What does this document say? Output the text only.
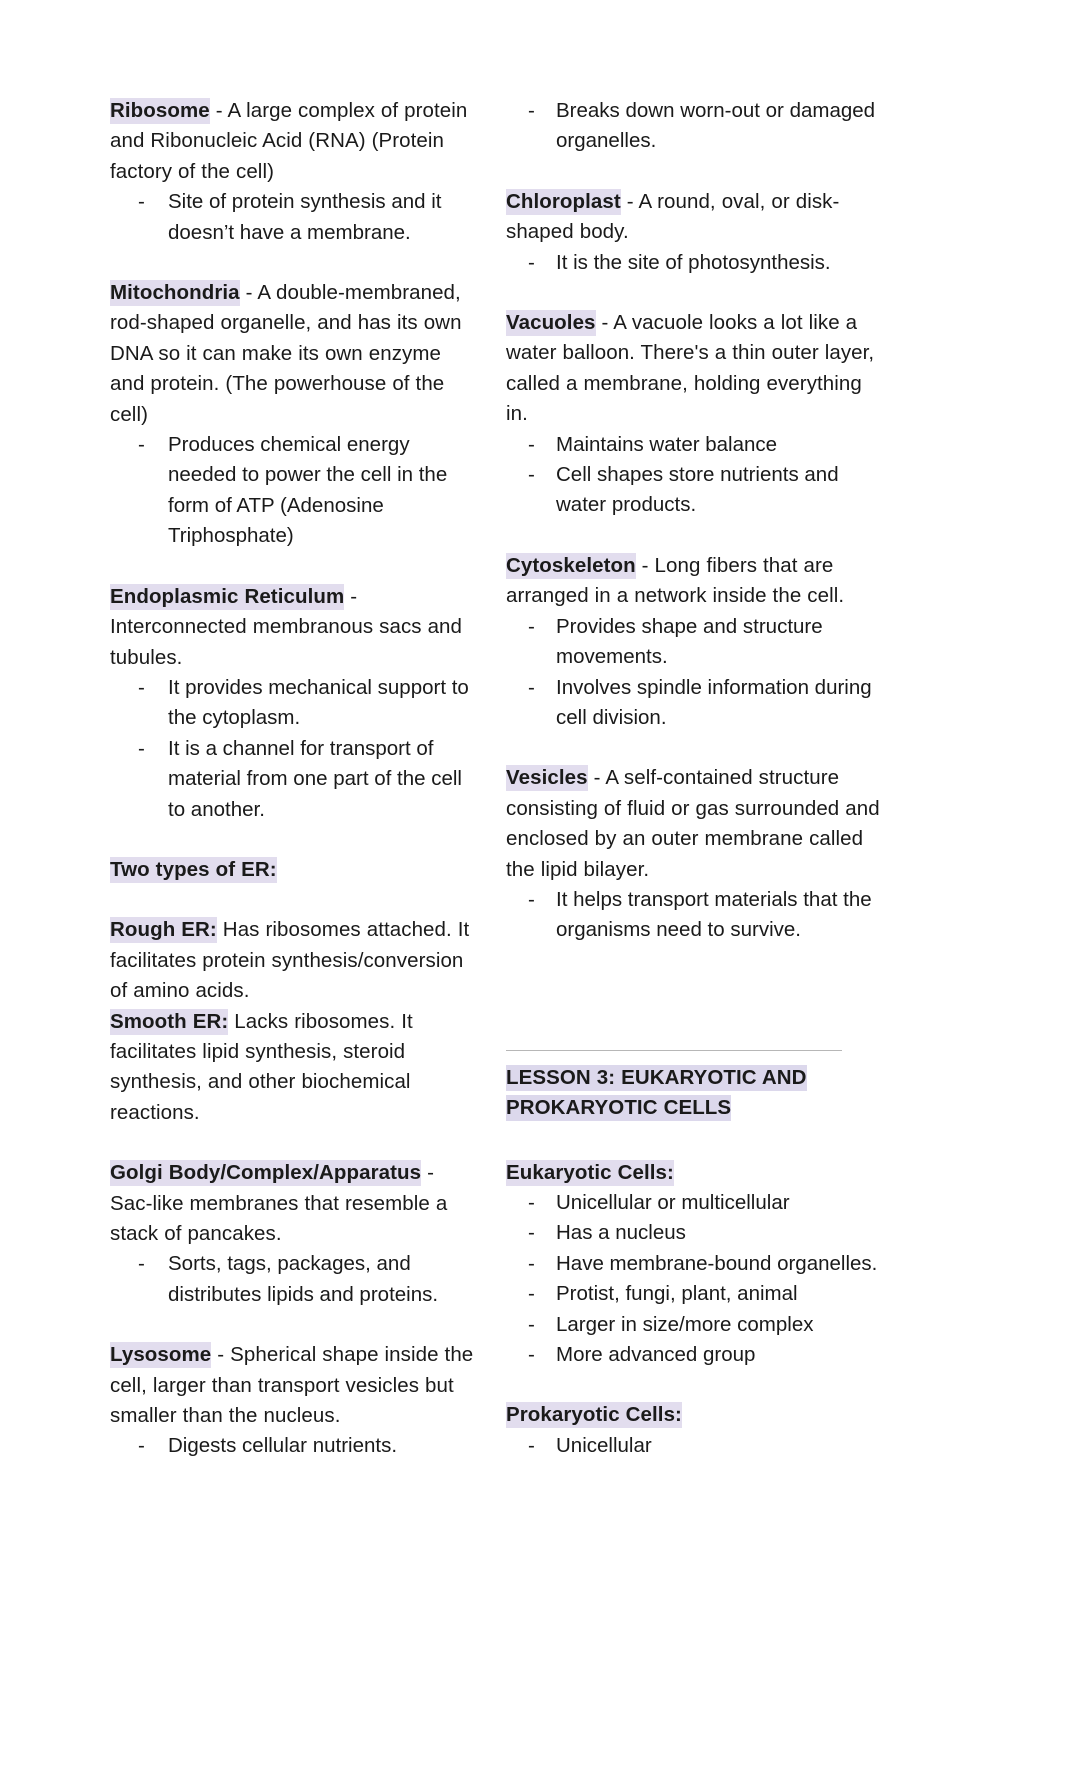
Ribosome - A large complex of protein and Ribonucleic Acid (RNA) (Protein factory of the cell)

- Site of protein synthesis and it doesn’t have a membrane.

Mitochondria - A double-membraned, rod-shaped organelle, and has its own DNA so it can make its own enzyme and protein. (The powerhouse of the cell)

- Produces chemical energy needed to power the cell in the form of ATP (Adenosine Triphosphate)

Endoplasmic Reticulum - Interconnected membranous sacs and tubules.

- It provides mechanical support to the cytoplasm.
- It is a channel for transport of material from one part of the cell to another.

Two types of ER:

Rough ER: Has ribosomes attached. It facilitates protein synthesis/conversion of amino acids.

Smooth ER: Lacks ribosomes. It facilitates lipid synthesis, steroid synthesis, and other biochemical reactions.

Golgi Body/Complex/Apparatus - Sac-like membranes that resemble a stack of pancakes.

- Sorts, tags, packages, and distributes lipids and proteins.

Lysosome - Spherical shape inside the cell, larger than transport vesicles but smaller than the nucleus.

- Digests cellular nutrients.
- Breaks down worn-out or damaged organelles.

Chloroplast - A round, oval, or disk-shaped body.

- It is the site of photosynthesis.

Vacuoles - A vacuole looks a lot like a water balloon. There's a thin outer layer, called a membrane, holding everything in.

- Maintains water balance
- Cell shapes store nutrients and water products.

Cytoskeleton - Long fibers that are arranged in a network inside the cell.

- Provides shape and structure movements.
- Involves spindle information during cell division.

Vesicles - A self-contained structure consisting of fluid or gas surrounded and enclosed by an outer membrane called the lipid bilayer.

- It helps transport materials that the organisms need to survive.

LESSON 3: EUKARYOTIC AND PROKARYOTIC CELLS

Eukaryotic Cells:

- Unicellular or multicellular
- Has a nucleus
- Have membrane-bound organelles.
- Protist, fungi, plant, animal
- Larger in size/more complex
- More advanced group

Prokaryotic Cells:

- Unicellular
